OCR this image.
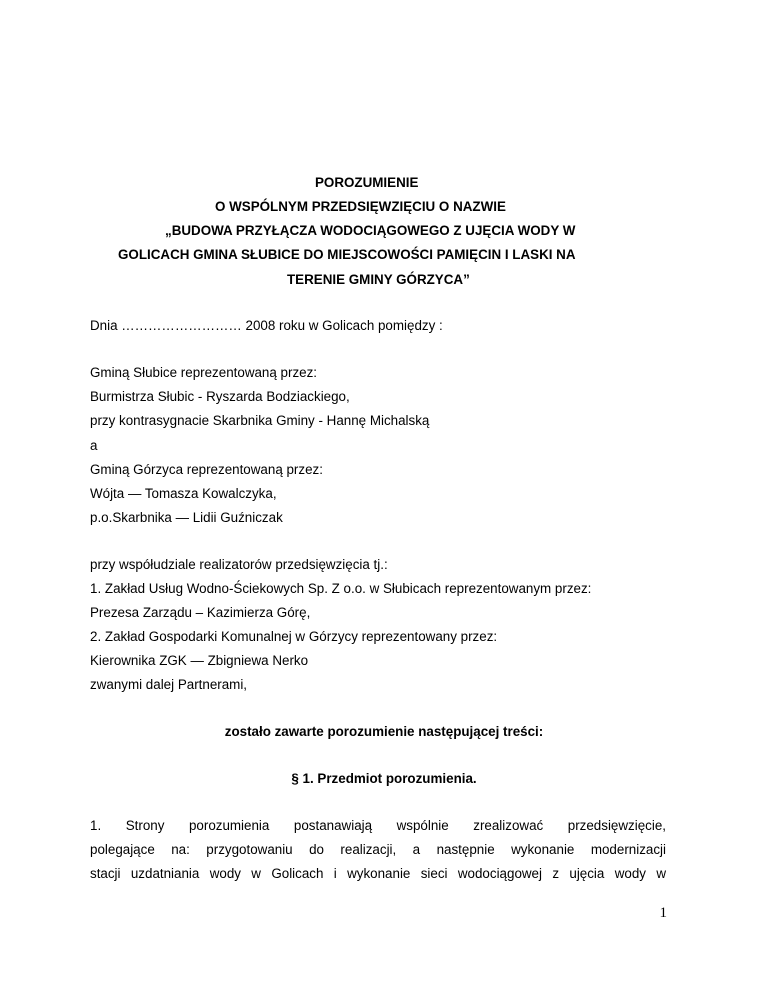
POROZUMIENIE
O WSPÓLNYM PRZEDSIĘWZIĘCIU O NAZWIE
„BUDOWA PRZYŁĄCZA WODOCIĄGOWEGO Z UJĘCIA WODY W
GOLICACH GMINA SŁUBICE DO MIEJSCOWOŚCI PAMIĘCIN I LASKI NA
TERENIE GMINY GÓRZYCA”
Dnia ……………………… 2008 roku w Golicach pomiędzy :
Gminą Słubice reprezentowaną przez:
Burmistrza Słubic - Ryszarda Bodziackiego,
przy kontrasygnacie Skarbnika Gminy - Hannę Michalską
a
Gminą Górzyca reprezentowaną przez:
Wójta — Tomasza Kowalczyka,
p.o.Skarbnika — Lidii Guźniczak
przy współudziale realizatorów przedsięwzięcia tj.:
1. Zakład Usług Wodno-Ściekowych Sp. Z o.o. w Słubicach reprezentowanym przez:
Prezesa Zarządu – Kazimierza Górę,
2. Zakład Gospodarki Komunalnej w Górzycy reprezentowany przez:
Kierownika ZGK — Zbigniewa Nerko
zwanymi dalej Partnerami,
zostało zawarte porozumienie następującej treści:
§ 1. Przedmiot porozumienia.
1. Strony porozumienia postanawiają wspólnie zrealizować przedsięwzięcie,
polegające na: przygotowaniu do realizacji, a następnie wykonanie modernizacji
stacji uzdatniania wody w Golicach i wykonanie sieci wodociągowej z ujęcia wody w
1
